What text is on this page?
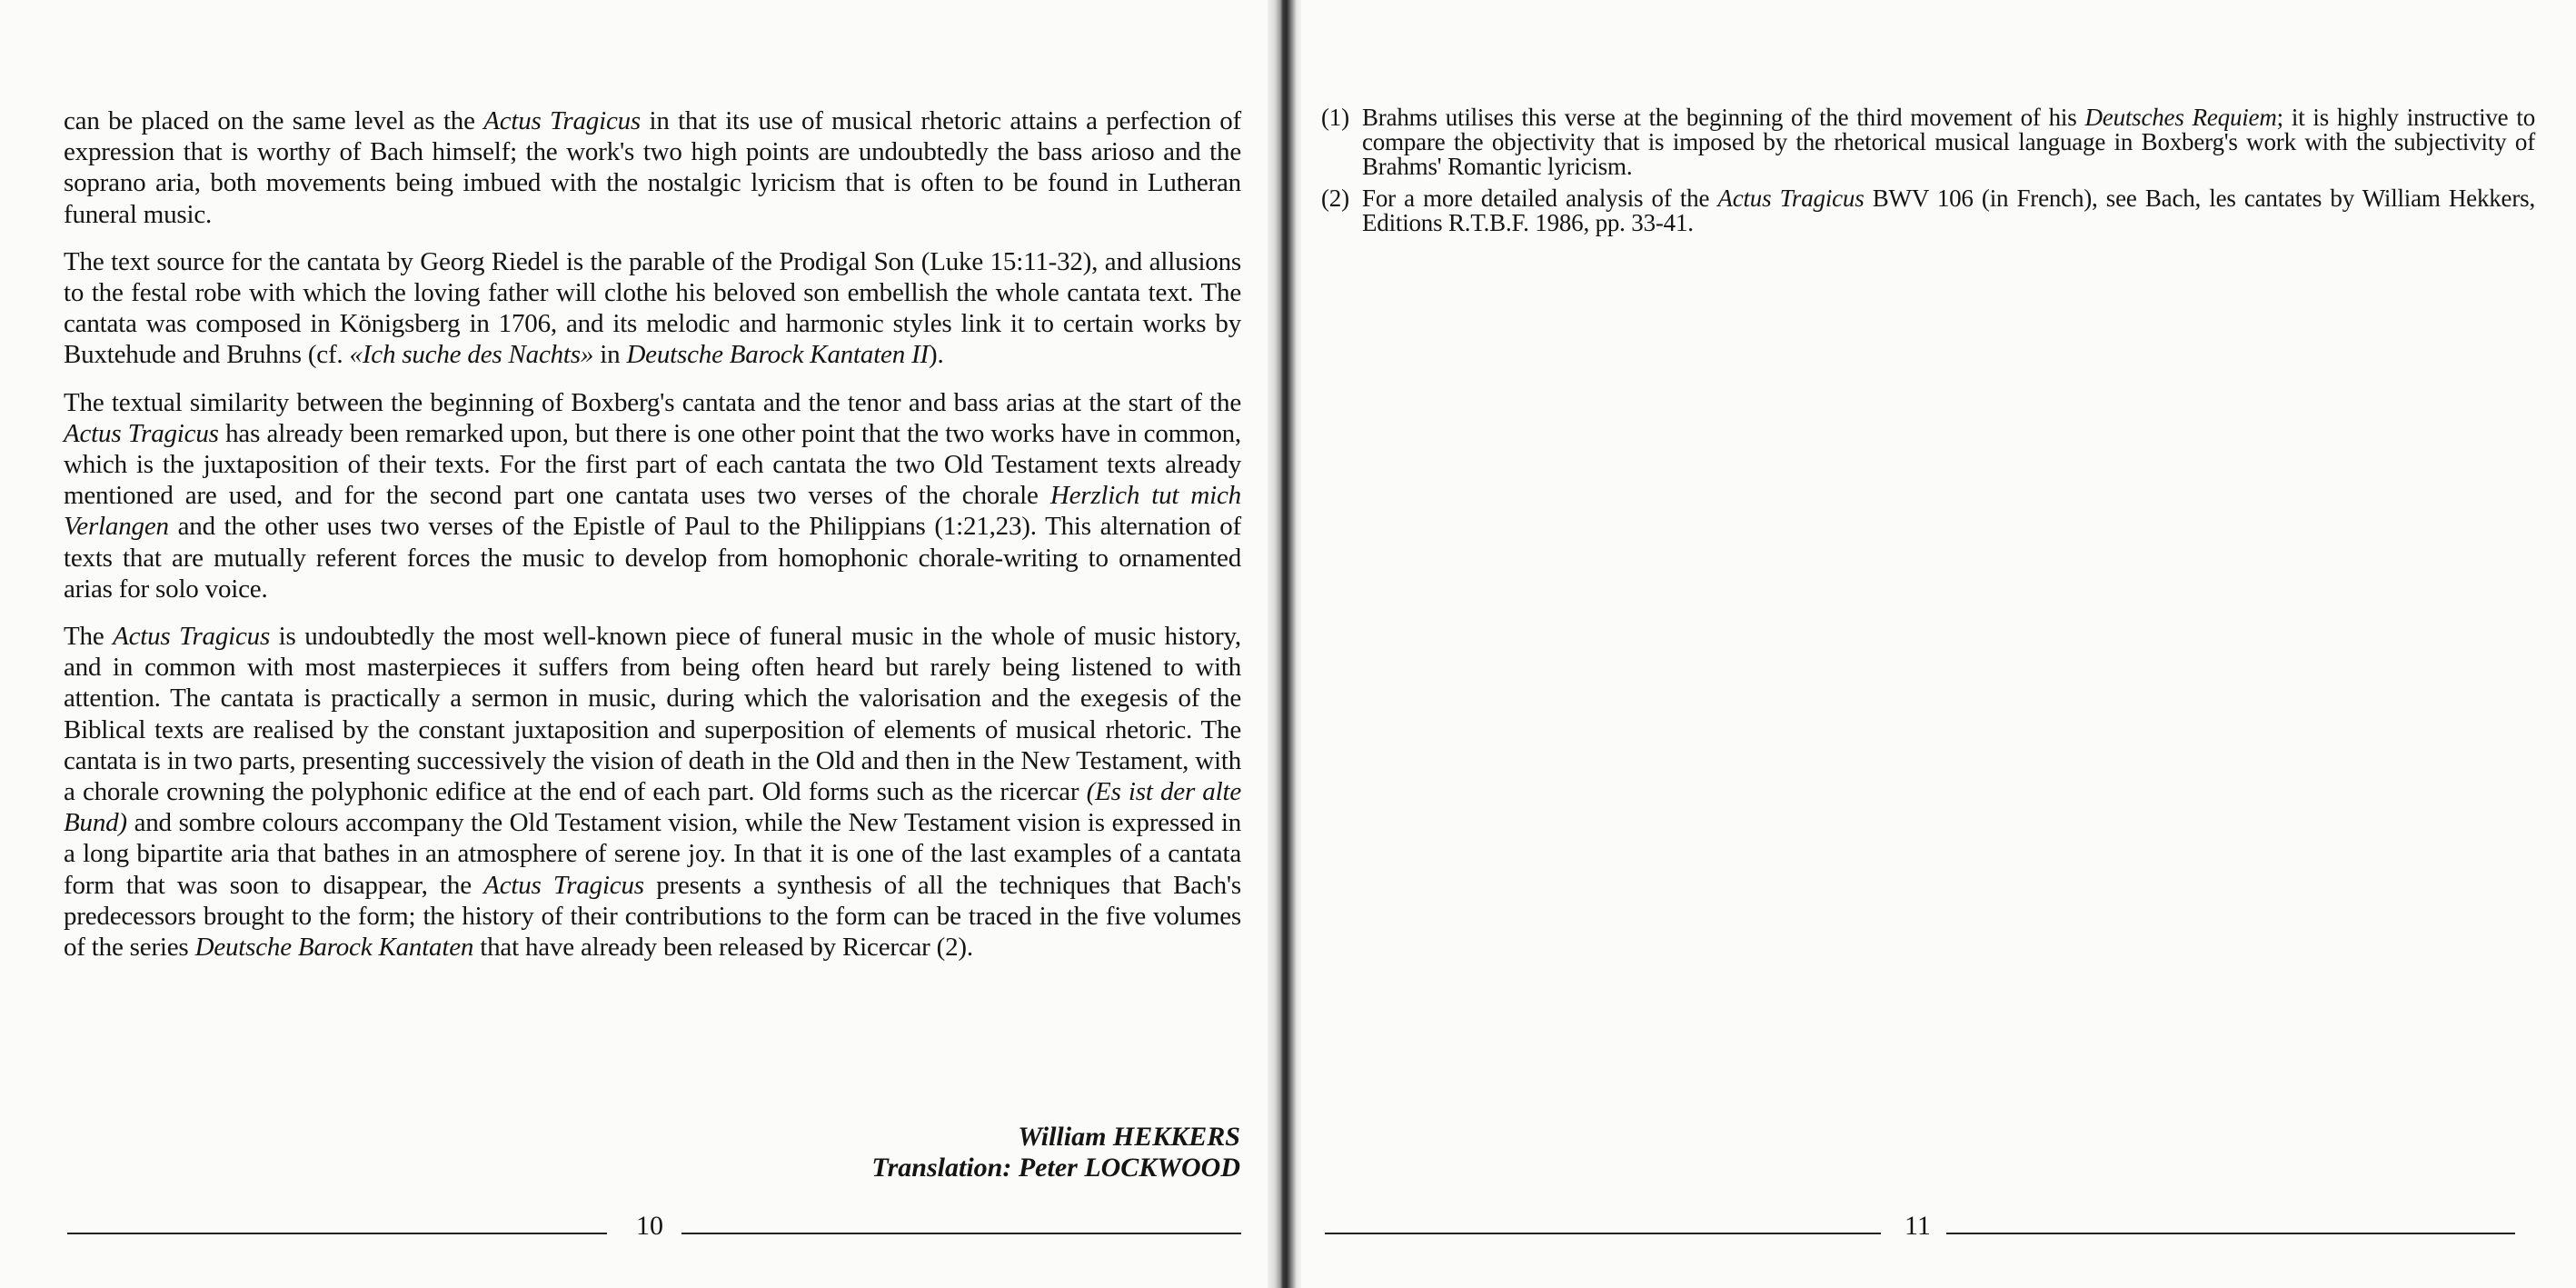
can be placed on the same level as the Actus Tragicus in that its use of musical rhetoric attains a perfection of expression that is worthy of Bach himself; the work's two high points are undoubtedly the bass arioso and the soprano aria, both movements being imbued with the nostalgic lyricism that is often to be found in Lutheran funeral music.

The text source for the cantata by Georg Riedel is the parable of the Prodigal Son (Luke 15:11-32), and allusions to the festal robe with which the loving father will clothe his beloved son embellish the whole cantata text. The cantata was composed in Königsberg in 1706, and its melodic and harmonic styles link it to certain works by Buxtehude and Bruhns (cf. «Ich suche des Nachts» in Deutsche Barock Kantaten II).

The textual similarity between the beginning of Boxberg's cantata and the tenor and bass arias at the start of the Actus Tragicus has already been remarked upon, but there is one other point that the two works have in common, which is the juxtaposition of their texts. For the first part of each cantata the two Old Testament texts already mentioned are used, and for the second part one cantata uses two verses of the chorale Herzlich tut mich Verlangen and the other uses two verses of the Epistle of Paul to the Philippians (1:21,23). This alternation of texts that are mutually referent forces the music to develop from homophonic chorale-writing to ornamented arias for solo voice.

The Actus Tragicus is undoubtedly the most well-known piece of funeral music in the whole of music history, and in common with most masterpieces it suffers from being often heard but rarely being listened to with attention. The cantata is practically a sermon in music, during which the valorisation and the exegesis of the Biblical texts are realised by the constant juxtaposition and superposition of elements of musical rhetoric. The cantata is in two parts, presenting successively the vision of death in the Old and then in the New Testament, with a chorale crowning the polyphonic edifice at the end of each part. Old forms such as the ricercar (Es ist der alte Bund) and sombre colours accompany the Old Testament vision, while the New Testament vision is expressed in a long bipartite aria that bathes in an atmosphere of serene joy. In that it is one of the last examples of a cantata form that was soon to disappear, the Actus Tragicus presents a synthesis of all the techniques that Bach's predecessors brought to the form; the history of their contributions to the form can be traced in the five volumes of the series Deutsche Barock Kantaten that have already been released by Ricercar (2).

William HEKKERS
Translation: Peter LOCKWOOD
10
(1) Brahms utilises this verse at the beginning of the third movement of his Deutsches Requiem; it is highly instructive to compare the objectivity that is imposed by the rhetorical musical language in Boxberg's work with the subjectivity of Brahms' Romantic lyricism.
(2) For a more detailed analysis of the Actus Tragicus BWV 106 (in French), see Bach, les cantates by William Hekkers, Editions R.T.B.F. 1986, pp. 33-41.
11
